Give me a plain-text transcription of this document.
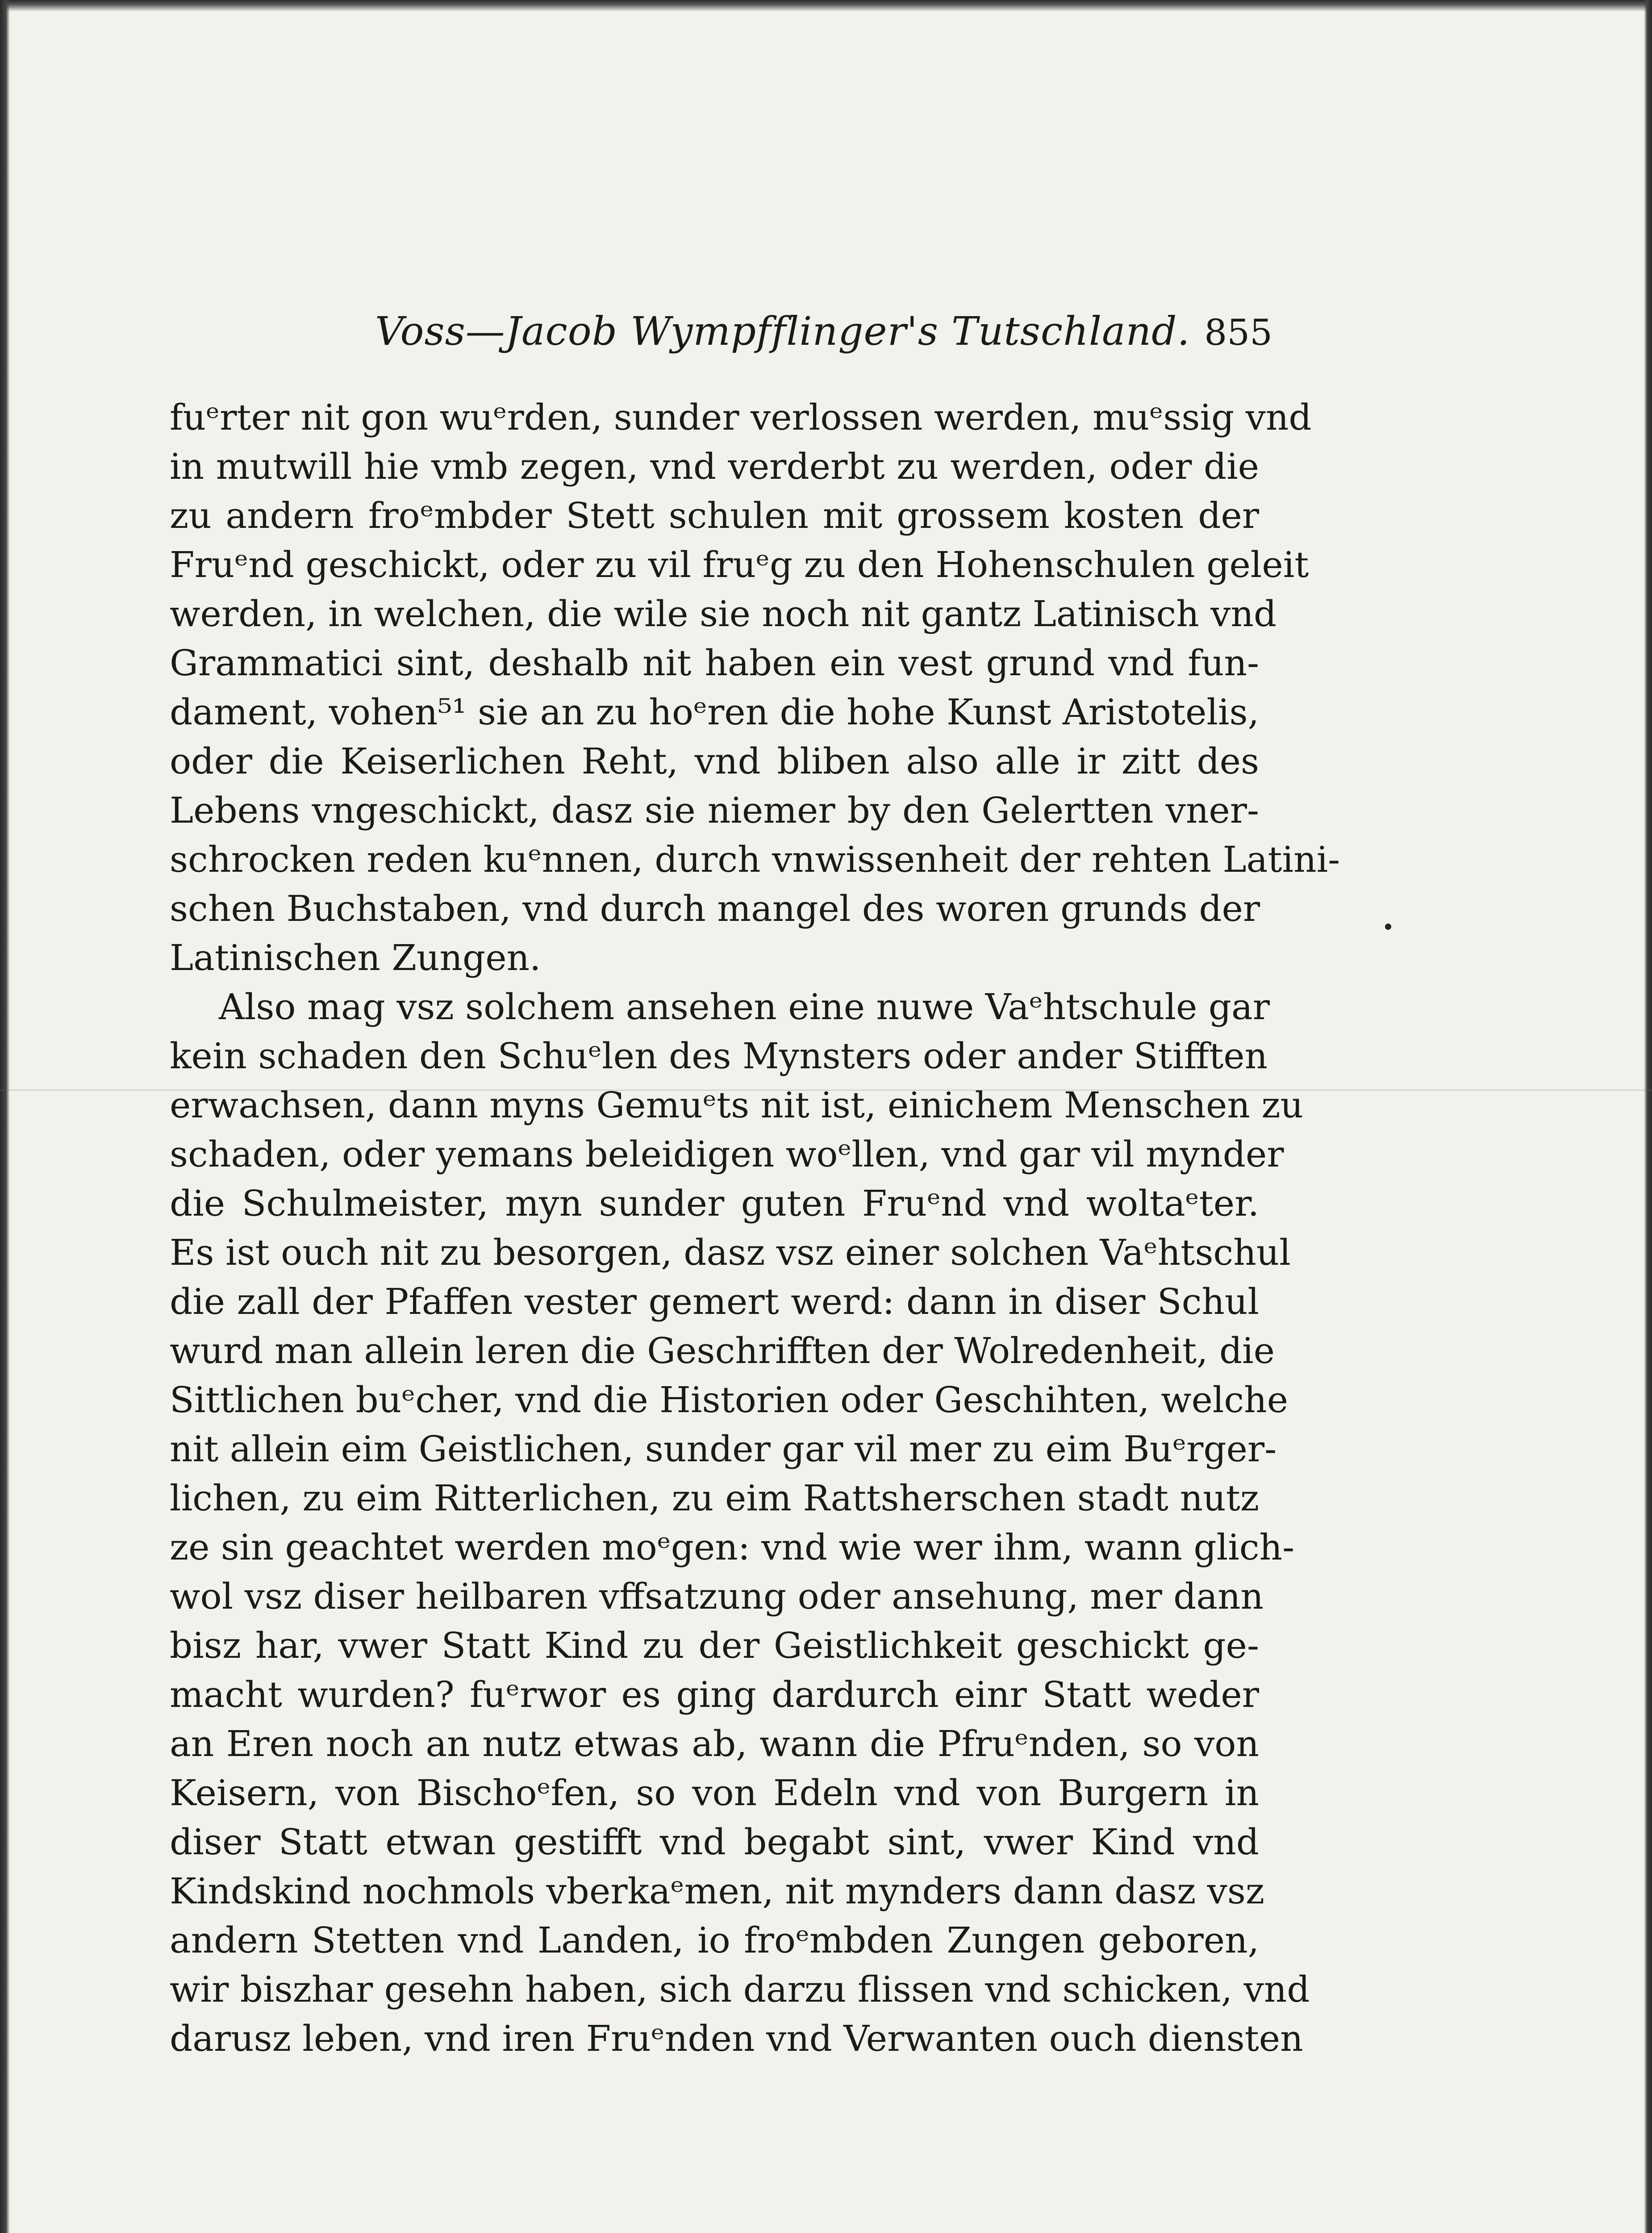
Voss—Jacob Wympfflinger's Tutschland. 855
fuᵉrter nit gon wuᵉrden, sunder verlossen werden, muᵉssig vnd
in mutwill hie vmb zegen, vnd verderbt zu werden, oder die
zu andern froᵉmbder Stett schulen mit grossem kosten der
Fruᵉnd geschickt, oder zu vil fruᵉg zu den Hohenschulen geleit
werden, in welchen, die wile sie noch nit gantz Latinisch vnd
Grammatici sint, deshalb nit haben ein vest grund vnd fun-
dament, vohen⁵¹ sie an zu hoᵉren die hohe Kunst Aristotelis,
oder die Keiserlichen Reht, vnd bliben also alle ir zitt des
Lebens vngeschickt, dasz sie niemer by den Gelertten vner-
schrocken reden kuᵉnnen, durch vnwissenheit der rehten Latini-
schen Buchstaben, vnd durch mangel des woren grunds der
Latinischen Zungen.
Also mag vsz solchem ansehen eine nuwe Vaᵉhtschule gar
kein schaden den Schuᵉlen des Mynsters oder ander Stifften
erwachsen, dann myns Gemuᵉts nit ist, einichem Menschen zu
schaden, oder yemans beleidigen woᵉllen, vnd gar vil mynder
die Schulmeister, myn sunder guten Fruᵉnd vnd woltaᵉter.
Es ist ouch nit zu besorgen, dasz vsz einer solchen Vaᵉhtschul
die zall der Pfaffen vester gemert werd: dann in diser Schul
wurd man allein leren die Geschrifften der Wolredenheit, die
Sittlichen buᵉcher, vnd die Historien oder Geschihten, welche
nit allein eim Geistlichen, sunder gar vil mer zu eim Buᵉrger-
lichen, zu eim Ritterlichen, zu eim Rattsherschen stadt nutz
ze sin geachtet werden moᵉgen: vnd wie wer ihm, wann glich-
wol vsz diser heilbaren vffsatzung oder ansehung, mer dann
bisz har, vwer Statt Kind zu der Geistlichkeit geschickt ge-
macht wurden? fuᵉrwor es ging dardurch einr Statt weder
an Eren noch an nutz etwas ab, wann die Pfruᵉnden, so von
Keisern, von Bischoᵉfen, so von Edeln vnd von Burgern in
diser Statt etwan gestifft vnd begabt sint, vwer Kind vnd
Kindskind nochmols vberkaᵉmen, nit mynders dann dasz vsz
andern Stetten vnd Landen, io froᵉmbden Zungen geboren,
wir biszhar gesehn haben, sich darzu flissen vnd schicken, vnd
darusz leben, vnd iren Fruᵉnden vnd Verwanten ouch diensten
